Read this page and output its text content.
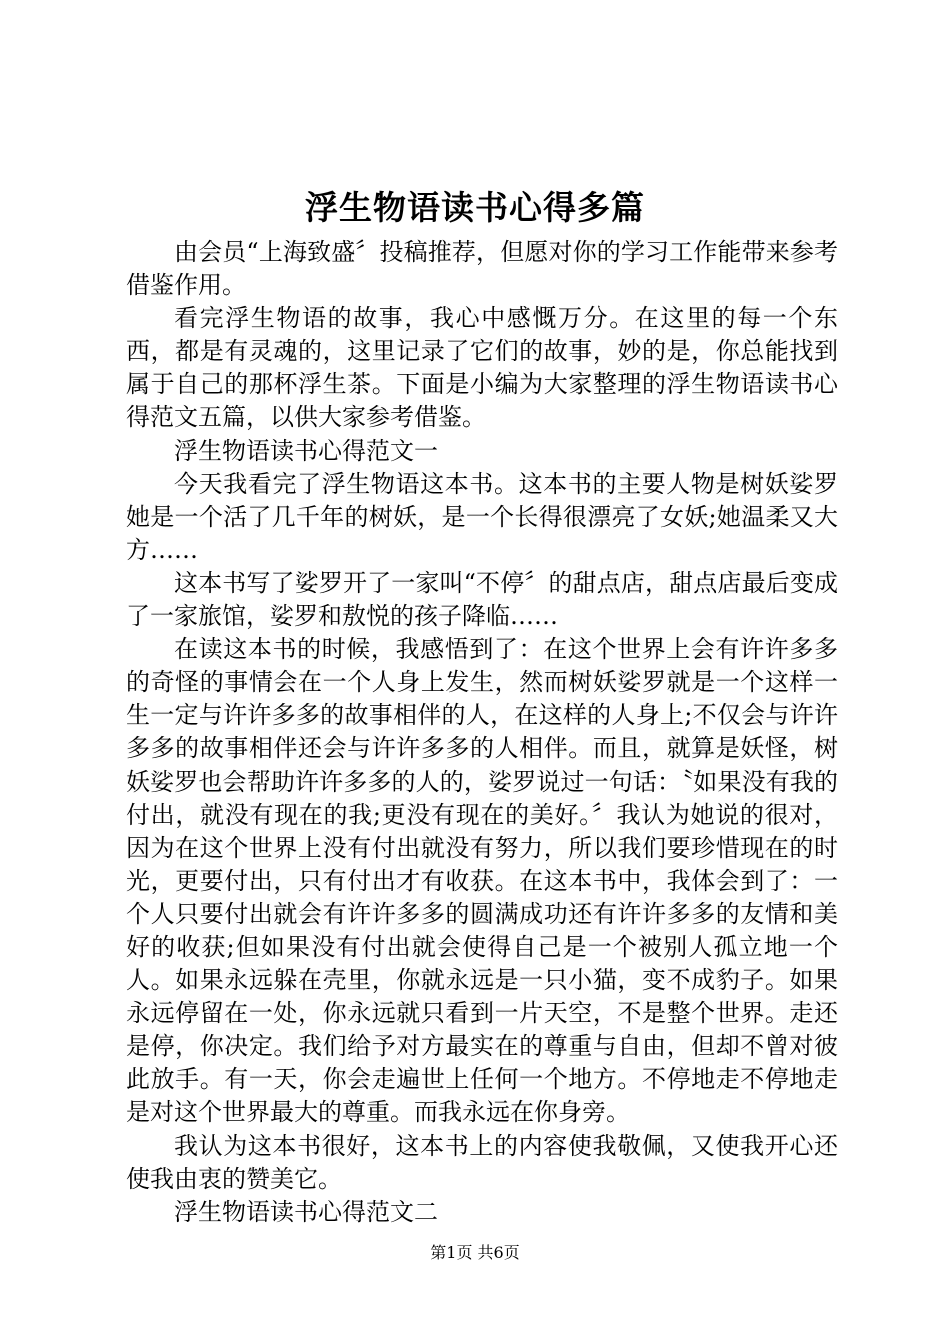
浮生物语读书心得多篇

由会员“上海致盛〞投稿推荐，但愿对你的学习工作能带来参考借鉴作用。

看完浮生物语的故事，我心中感慨万分。在这里的每一个东西，都是有灵魂的，这里记录了它们的故事，妙的是，你总能找到属于自己的那杯浮生茶。下面是小编为大家整理的浮生物语读书心得范文五篇，以供大家参考借鉴。

浮生物语读书心得范文一

今天我看完了浮生物语这本书。这本书的主要人物是树妖娑罗她是一个活了几千年的树妖，是一个长得很漂亮了女妖;她温柔又大方……

这本书写了娑罗开了一家叫“不停〞的甜点店，甜点店最后变成了一家旅馆，娑罗和敖悦的孩子降临……

在读这本书的时候，我感悟到了：在这个世界上会有许许多多的奇怪的事情会在一个人身上发生，然而树妖娑罗就是一个这样一生一定与许许多多的故事相伴的人，在这样的人身上;不仅会与许许多多的故事相伴还会与许许多多的人相伴。而且，就算是妖怪，树妖娑罗也会帮助许许多多的人的，娑罗说过一句话：〝如果没有我的付出，就没有现在的我;更没有现在的美好。〞我认为她说的很对，因为在这个世界上没有付出就没有努力，所以我们要珍惜现在的时光，更要付出，只有付出才有收获。在这本书中，我体会到了：一个人只要付出就会有许许多多的圆满成功还有许许多多的友情和美好的收获;但如果没有付出就会使得自己是一个被别人孤立地一个人。如果永远躲在壳里，你就永远是一只小猫，变不成豹子。如果永远停留在一处，你永远就只看到一片天空，不是整个世界。走还是停，你决定。我们给予对方最实在的尊重与自由，但却不曾对彼此放手。有一天，你会走遍世上任何一个地方。不停地走不停地走是对这个世界最大的尊重。而我永远在你身旁。

我认为这本书很好，这本书上的内容使我敬佩，又使我开心还使我由衷的赞美它。

浮生物语读书心得范文二

第1页 共6页
